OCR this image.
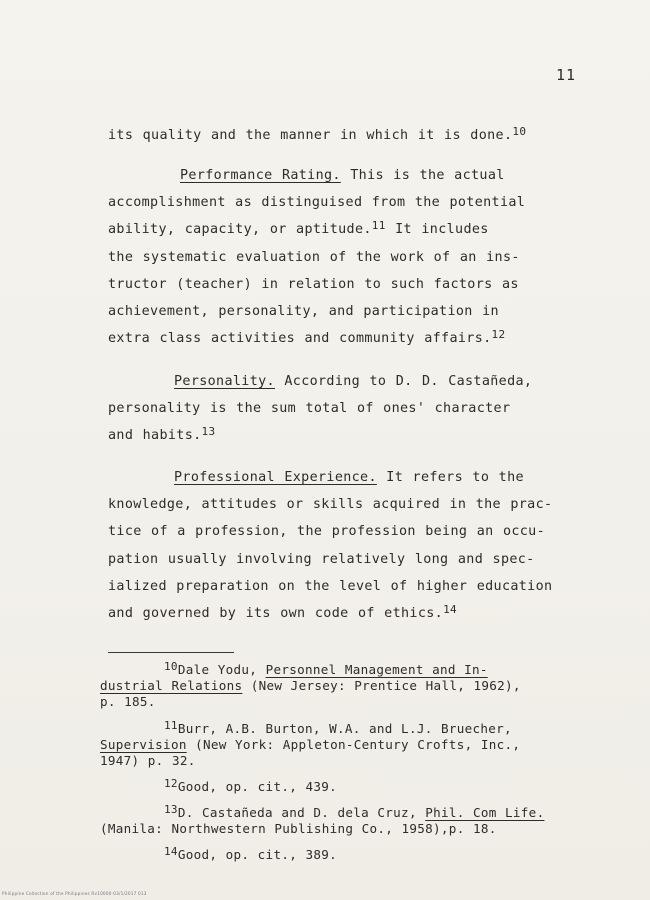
11
its quality and the manner in which it is done.$^{10}$
Performance Rating. This is the actual
accomplishment as distinguised from the potential
ability, capacity, or aptitude.$^{11}$ It includes
the systematic evaluation of the work of an ins-
tructor (teacher) in relation to such factors as
achievement, personality, and participation in
extra class activities and community affairs.$^{12}$
Personality. According to D. D. Castañeda,
personality is the sum total of ones' character
and habits.$^{13}$
Professional Experience. It refers to the
knowledge, attitudes or skills acquired in the prac-
tice of a profession, the profession being an occu-
pation usually involving relatively long and spec-
ialized preparation on the level of higher education
and governed by its own code of ethics.$^{14}$
$^{10}$Dale Yodu, Personnel Management and In-
dustrial Relations (New Jersey: Prentice Hall, 1962),
p. 185.
$^{11}$Burr, A.B. Burton, W.A. and L.J. Bruecher,
Supervision (New York: Appleton-Century Crofts, Inc.,
1947) p. 32.
$^{12}$Good, op. cit., 439.
$^{13}$D. Castañeda and D. dela Cruz, Phil. Com Life.
(Manila: Northwestern Publishing Co., 1958),p. 18.
$^{14}$Good, op. cit., 389.
Philippine Collection of the Philippines Rv10000-03/1/2017 013
